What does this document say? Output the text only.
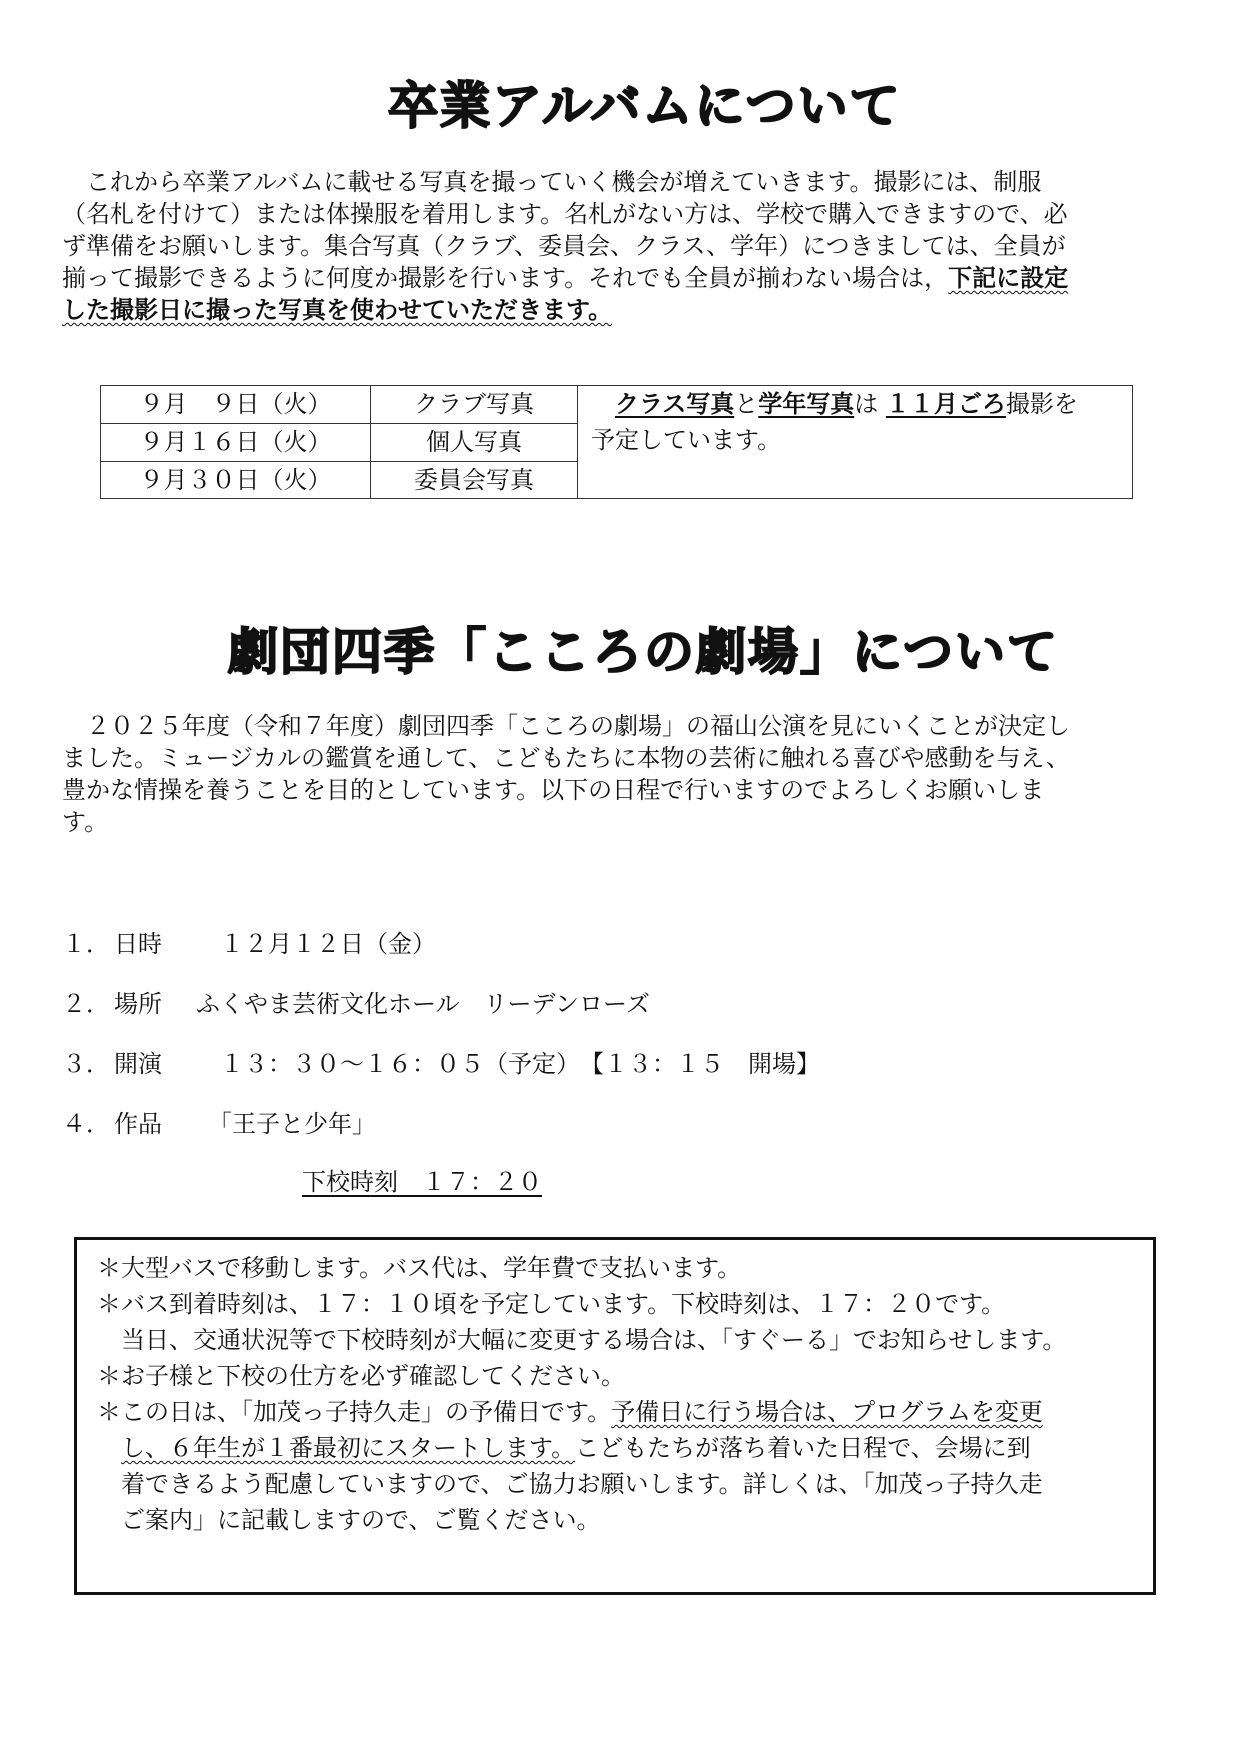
卒業アルバムについて
　これから卒業アルバムに載せる写真を撮っていく機会が増えていきます。撮影には、制服
（名札を付けて）または体操服を着用します。名札がない方は、学校で購入できますので、必
ず準備をお願いします。集合写真（クラブ、委員会、クラス、学年）につきましては、全員が
揃って撮影できるように何度か撮影を行います。それでも全員が揃わない場合は，下記に設定
した撮影日に撮った写真を使わせていただきます。
９月　９日（火）	クラブ写真
９月１６日（火）	個人写真
９月３０日（火）	委員会写真
　クラス写真と学年写真は １１月ごろ撮影を
予定しています。
劇団四季「こころの劇場」について
　２０２５年度（令和７年度）劇団四季「こころの劇場」の福山公演を見にいくことが決定し
ました。ミュージカルの鑑賞を通して、こどもたちに本物の芸術に触れる喜びや感動を与え、
豊かな情操を養うことを目的としています。以下の日程で行いますのでよろしくお願いしま
す。
１． 日時	　１２月１２日（金）
２． 場所	ふくやま芸術文化ホール　リーデンローズ
３． 開演	　１３：３０～１６：０５（予定）　【１３：１５　開場】
４． 作品	　「王子と少年」
下校時刻　１７：２０
＊大型バスで移動します。バス代は、学年費で支払います。
＊バス到着時刻は、１７：１０頃を予定しています。下校時刻は、１７：２０です。
　当日、交通状況等で下校時刻が大幅に変更する場合は、「すぐーる」でお知らせします。
＊お子様と下校の仕方を必ず確認してください。
＊この日は、「加茂っ子持久走」の予備日です。予備日に行う場合は、プログラムを変更
　し、６年生が１番最初にスタートします。こどもたちが落ち着いた日程で、会場に到
　着できるよう配慮していますので、ご協力お願いします。詳しくは、「加茂っ子持久走
　ご案内」に記載しますので、ご覧ください。
